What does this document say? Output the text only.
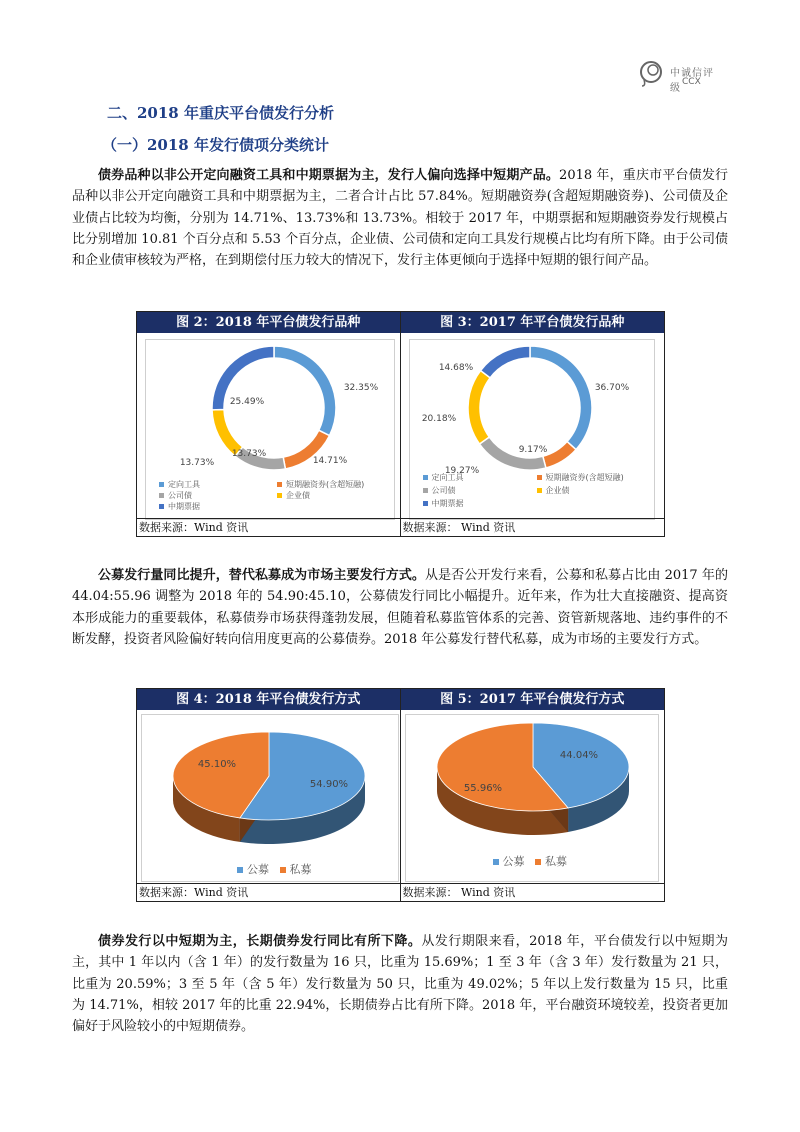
中诚信评级
CCX
二、2018 年重庆平台债发行分析
（一）2018 年发行债项分类统计

债券品种以非公开定向融资工具和中期票据为主，发行人偏向选择中短期产品。2018 年，重庆市平台债发行品种以非公开定向融资工具和中期票据为主，二者合计占比 57.84%。短期融资券(含超短期融资券)、公司债及企业债占比较为均衡，分别为 14.71%、13.73%和 13.73%。相较于 2017 年，中期票据和短期融资券发行规模占比分别增加 10.81 个百分点和 5.53 个百分点，企业债、公司债和定向工具发行规模占比均有所下降。由于公司债和企业债审核较为严格，在到期偿付压力较大的情况下，发行主体更倾向于选择中短期的银行间产品。

图 2：2018 年平台债发行品种
32.35%
14.71%
13.73%
13.73%
25.49%
定向工具	短期融资券(含超短融)
公司债	企业债
中期票据
数据来源：Wind 资讯
图 3：2017 年平台债发行品种
36.70%
9.17%
19.27%
20.18%
14.68%
定向工具	短期融资券(含超短融)
公司债	企业债
中期票据
数据来源： Wind 资讯

公募发行量同比提升，替代私募成为市场主要发行方式。从是否公开发行来看，公募和私募占比由 2017 年的 44.04:55.96 调整为 2018 年的 54.90:45.10，公募债发行同比小幅提升。近年来，作为壮大直接融资、提高资本形成能力的重要载体，私募债券市场获得蓬勃发展，但随着私募监管体系的完善、资管新规落地、违约事件的不断发酵，投资者风险偏好转向信用度更高的公募债券。2018 年公募发行替代私募，成为市场的主要发行方式。

图 4：2018 年平台债发行方式
54.90%
45.10%
公募 私募
数据来源：Wind 资讯
图 5：2017 年平台债发行方式
44.04%
55.96%
公募 私募
数据来源： Wind 资讯

债券发行以中短期为主，长期债券发行同比有所下降。从发行期限来看，2018 年，平台债发行以中短期为主，其中 1 年以内（含 1 年）的发行数量为 16 只，比重为 15.69%；1 至 3 年（含 3 年）发行数量为 21 只，比重为 20.59%；3 至 5 年（含 5 年）发行数量为 50 只，比重为 49.02%；5 年以上发行数量为 15 只，比重为 14.71%，相较 2017 年的比重 22.94%，长期债券占比有所下降。2018 年，平台融资环境较差，投资者更加偏好于风险较小的中短期债券。
